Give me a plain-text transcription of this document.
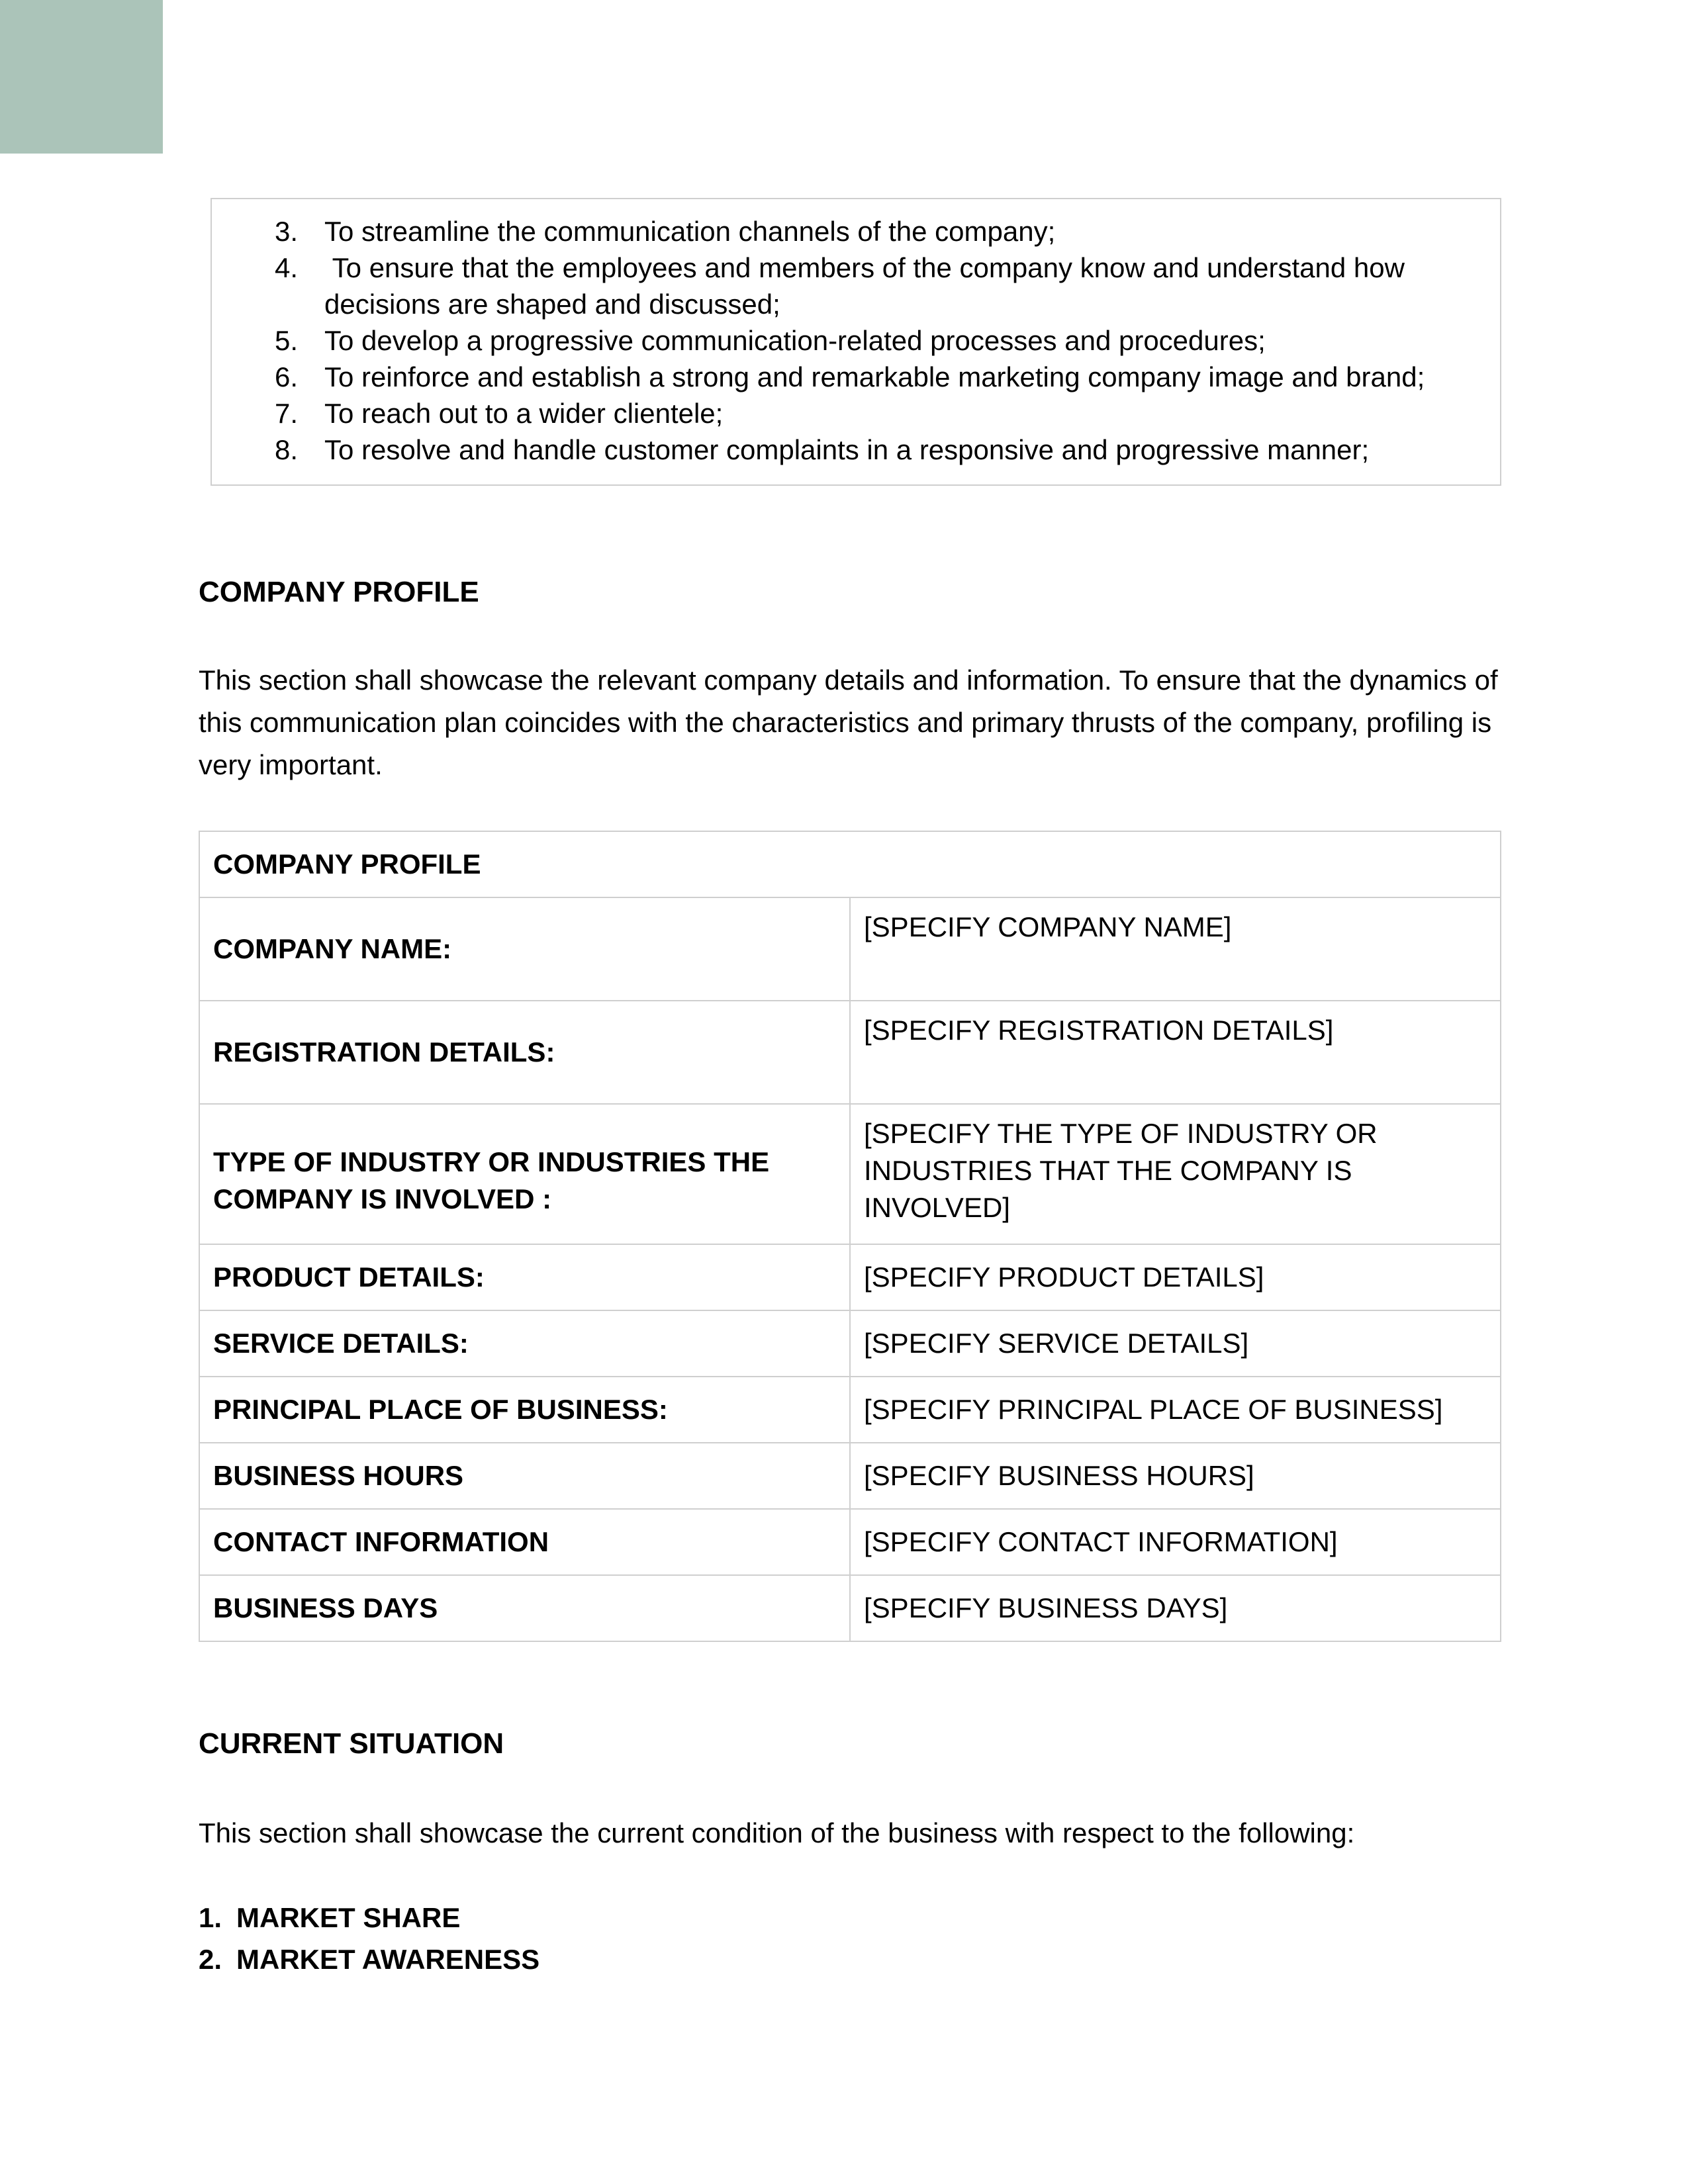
3. To streamline the communication channels of the company;
4. To ensure that the employees and members of the company know and understand how decisions are shaped and discussed;
5. To develop a progressive communication-related processes and procedures;
6. To reinforce and establish a strong and remarkable marketing company image and brand;
7. To reach out to a wider clientele;
8. To resolve and handle customer complaints in a responsive and progressive manner;
COMPANY PROFILE

This section shall showcase the relevant company details and information. To ensure that the dynamics of this communication plan coincides with the characteristics and primary thrusts of the company, profiling is very important.

COMPANY PROFILE	
COMPANY NAME:	[SPECIFY COMPANY NAME]
REGISTRATION DETAILS:	[SPECIFY REGISTRATION DETAILS]
TYPE OF INDUSTRY OR INDUSTRIES THE COMPANY IS INVOLVED :	[SPECIFY THE TYPE OF INDUSTRY OR INDUSTRIES THAT THE COMPANY IS INVOLVED]
PRODUCT DETAILS:	[SPECIFY PRODUCT DETAILS]
SERVICE DETAILS:	[SPECIFY SERVICE DETAILS]
PRINCIPAL PLACE OF BUSINESS:	[SPECIFY PRINCIPAL PLACE OF BUSINESS]
BUSINESS HOURS	[SPECIFY BUSINESS HOURS]
CONTACT INFORMATION	[SPECIFY CONTACT INFORMATION]
BUSINESS DAYS	[SPECIFY BUSINESS DAYS]
CURRENT SITUATION

This section shall showcase the current condition of the business with respect to the following:

1. MARKET SHARE
2. MARKET AWARENESS
